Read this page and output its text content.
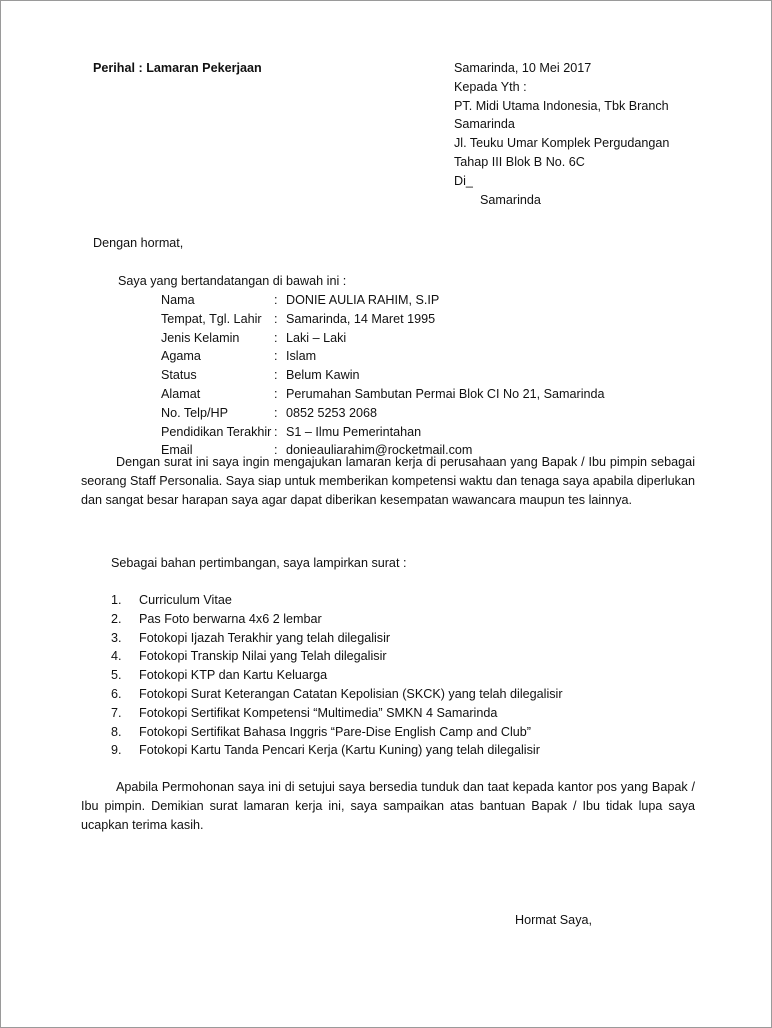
Perihal : Lamaran Pekerjaan	Samarinda, 10 Mei 2017
Kepada Yth :
PT. Midi Utama Indonesia, Tbk Branch
Samarinda
Jl. Teuku Umar Komplek Pergudangan
Tahap III Blok B No. 6C
Di_
Samarinda
Dengan hormat,
Saya yang bertandatangan di bawah ini :
Nama	:	DONIE AULIA RAHIM, S.IP
Tempat, Tgl. Lahir	:	Samarinda, 14 Maret 1995
Jenis Kelamin	:	Laki – Laki
Agama	:	Islam
Status	:	Belum Kawin
Alamat	:	Perumahan Sambutan Permai Blok CI No 21, Samarinda
No. Telp/HP	:	0852 5253 2068
Pendidikan Terakhir	:	S1 – Ilmu Pemerintahan
Email	:	donieauliarahim@rocketmail.com
Dengan surat ini saya ingin mengajukan lamaran kerja di perusahaan yang Bapak / Ibu pimpin sebagai seorang Staff Personalia. Saya siap untuk memberikan kompetensi waktu dan tenaga saya apabila diperlukan dan sangat besar harapan saya agar dapat diberikan kesempatan wawancara maupun tes lainnya.
Sebagai bahan pertimbangan, saya lampirkan surat :
1. Curriculum Vitae
2. Pas Foto berwarna 4x6 2 lembar
3. Fotokopi Ijazah Terakhir yang telah dilegalisir
4. Fotokopi Transkip Nilai yang Telah dilegalisir
5. Fotokopi KTP dan Kartu Keluarga
6. Fotokopi Surat Keterangan Catatan Kepolisian (SKCK) yang telah dilegalisir
7. Fotokopi Sertifikat Kompetensi “Multimedia” SMKN 4 Samarinda
8. Fotokopi Sertifikat Bahasa Inggris “Pare-Dise English Camp and Club”
9. Fotokopi Kartu Tanda Pencari Kerja (Kartu Kuning) yang telah dilegalisir
Apabila Permohonan saya ini di setujui saya bersedia tunduk dan taat kepada kantor pos yang Bapak / Ibu pimpin. Demikian surat lamaran kerja ini, saya sampaikan atas bantuan Bapak / Ibu tidak lupa saya ucapkan terima kasih.
Hormat Saya,
